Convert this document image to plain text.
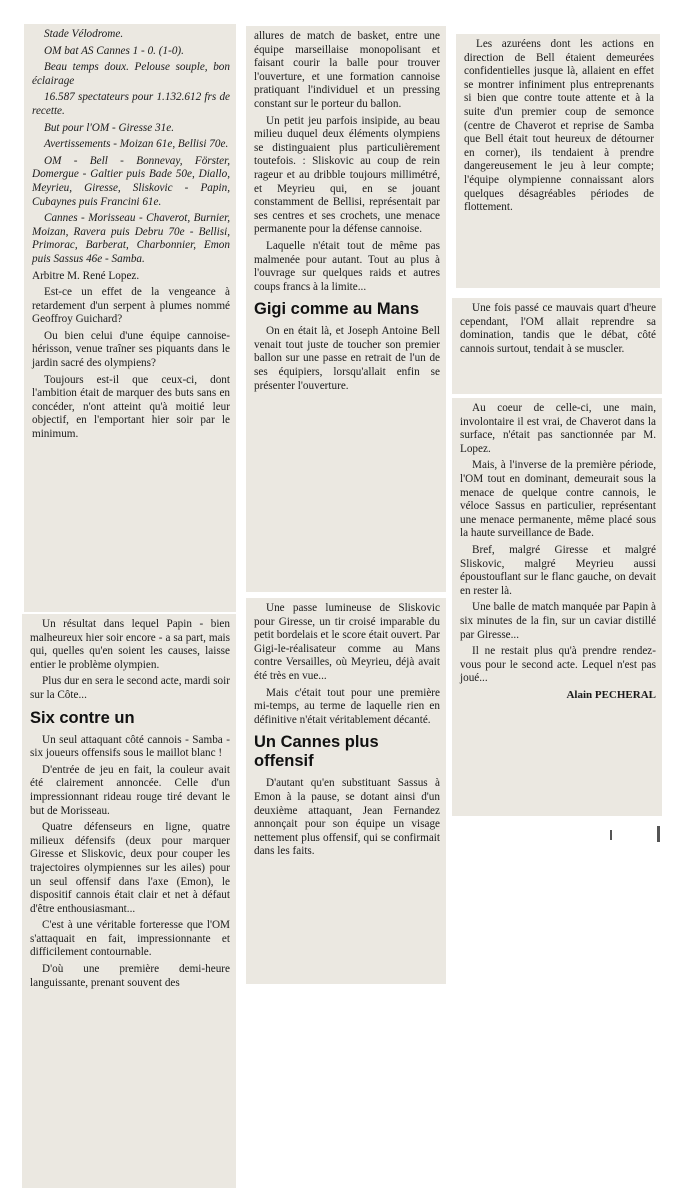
Stade Vélodrome.

OM bat AS Cannes 1 - 0. (1-0).

Beau temps doux. Pelouse souple, bon éclairage

16.587 spectateurs pour 1.132.612 frs de recette.

But pour l'OM - Giresse 31e.

Avertissements - Moizan 61e, Bellisi 70e.

OM - Bell - Bonnevay, Förster, Domergue - Galtier puis Bade 50e, Diallo, Meyrieu, Giresse, Sliskovic - Papin, Cubaynes puis Francini 61e.

Cannes - Morisseau - Chaverot, Burnier, Moizan, Ravera puis Debru 70e - Bellisi, Primorac, Barberat, Charbonnier, Emon puis Sassus 46e - Samba.

Arbitre M. René Lopez.

Est-ce un effet de la vengeance à retardement d'un serpent à plumes nommé Geoffroy Guichard?

Ou bien celui d'une équipe cannoise- hérisson, venue traîner ses piquants dans le jardin sacré des olympiens?

Toujours est-il que ceux-ci, dont l'ambition était de marquer des buts sans en concéder, n'ont atteint qu'à moitié leur objectif, en l'emportant hier soir par le minimum.

Un résultat dans lequel Papin - bien malheureux hier soir encore - a sa part, mais qui, quelles qu'en soient les causes, laisse entier le problème olympien.

Plus dur en sera le second acte, mardi soir sur la Côte...

Six contre un

Un seul attaquant côté cannois - Samba - six joueurs offensifs sous le maillot blanc !

D'entrée de jeu en fait, la couleur avait été clairement annoncée. Celle d'un impressionnant rideau rouge tiré devant le but de Morisseau.

Quatre défenseurs en ligne, quatre milieux défensifs (deux pour marquer Giresse et Sliskovic, deux pour couper les trajectoires olympiennes sur les ailes) pour un seul offensif dans l'axe (Emon), le dispositif cannois était clair et net à défaut d'être enthousiasmant...

C'est à une véritable forteresse que l'OM s'attaquait en fait, impressionnante et difficilement contournable.

D'où une première demi-heure languissante, prenant souvent des

allures de match de basket, entre une équipe marseillaise monopolisant et faisant courir la balle pour trouver l'ouverture, et une formation cannoise pratiquant l'individuel et un pressing constant sur le porteur du ballon.

Un petit jeu parfois insipide, au beau milieu duquel deux éléments olympiens se distinguaient plus particulièrement toutefois. : Sliskovic au coup de rein rageur et au dribble toujours millimétré, et Meyrieu qui, en se jouant constamment de Bellisi, représentait par ses centres et ses crochets, une menace permanente pour la défense cannoise.

Laquelle n'était tout de même pas malmenée pour autant. Tout au plus à l'ouvrage sur quelques raids et autres coups francs à la limite...

Gigi comme au Mans

On en était là, et Joseph Antoine Bell venait tout juste de toucher son premier ballon sur une passe en retrait de l'un de ses équipiers, lorsqu'allait enfin se présenter l'ouverture.

Une passe lumineuse de Sliskovic pour Giresse, un tir croisé imparable du petit bordelais et le score était ouvert. Par Gigi-le-réalisateur comme au Mans contre Versailles, où Meyrieu, déjà avait été très en vue...

Mais c'était tout pour une première mi-temps, au terme de laquelle rien en définitive n'était véritablement décanté.

Un Cannes plus offensif

D'autant qu'en substituant Sassus à Emon à la pause, se dotant ainsi d'un deuxième attaquant, Jean Fernandez annonçait pour son équipe un visage nettement plus offensif, qui se confirmait dans les faits.

Les azuréens dont les actions en direction de Bell étaient demeurées confidentielles jusque là, allaient en effet se montrer infiniment plus entreprenants si bien que contre toute attente et à la suite d'un premier coup de semonce (centre de Chaverot et reprise de Samba que Bell était tout heureux de détourner en corner), ils tendaient à prendre dangereusement le jeu à leur compte; l'équipe olympienne connaissant alors quelques désagréables périodes de flottement.

Une fois passé ce mauvais quart d'heure cependant, l'OM allait reprendre sa domination, tandis que le débat, côté cannois surtout, tendait à se muscler.

Au coeur de celle-ci, une main, involontaire il est vrai, de Chaverot dans la surface, n'était pas sanctionnée par M. Lopez.

Mais, à l'inverse de la première période, l'OM tout en dominant, demeurait sous la menace de quelque contre cannois, le véloce Sassus en particulier, représentant une menace permanente, même placé sous la haute surveillance de Bade.

Bref, malgré Giresse et malgré Sliskovic, malgré Meyrieu aussi époustouflant sur le flanc gauche, on devait en rester là.

Une balle de match manquée par Papin à six minutes de la fin, sur un caviar distillé par Giresse...

Il ne restait plus qu'à prendre rendez-vous pour le second acte. Lequel n'est pas joué...

Alain PECHERAL
